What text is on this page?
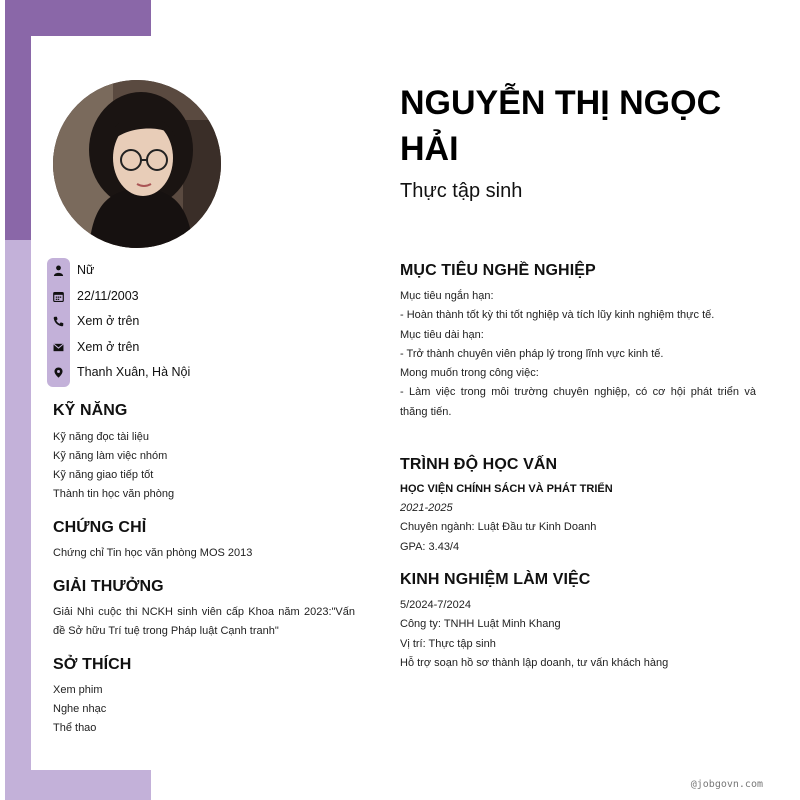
Nữ
22/11/2003
Xem ở trên
Xem ở trên
Thanh Xuân, Hà Nội
KỸ NĂNG
Kỹ năng đọc tài liệu
Kỹ năng làm việc nhóm
Kỹ năng giao tiếp tốt
Thành tin học văn phòng
CHỨNG CHỈ
Chứng chỉ Tin học văn phòng MOS 2013
GIẢI THƯỞNG
Giải Nhì cuộc thi NCKH sinh viên cấp Khoa năm 2023:"Vấn đề Sở hữu Trí tuệ trong Pháp luật Cạnh tranh"
SỞ THÍCH
Xem phim
Nghe nhạc
Thể thao
NGUYỄN THỊ NGỌC HẢI
Thực tập sinh
MỤC TIÊU NGHỀ NGHIỆP
Mục tiêu ngắn hạn:
- Hoàn thành tốt kỳ thi tốt nghiệp và tích lũy kinh nghiệm thực tế.
Mục tiêu dài hạn:
- Trở thành chuyên viên pháp lý trong lĩnh vực kinh tế.
Mong muốn trong công việc:
- Làm việc trong môi trường chuyên nghiệp, có cơ hội phát triển và thăng tiến.
TRÌNH ĐỘ HỌC VẤN
HỌC VIỆN CHÍNH SÁCH VÀ PHÁT TRIỂN
2021-2025
Chuyên ngành: Luật Đầu tư Kinh Doanh
GPA: 3.43/4
KINH NGHIỆM LÀM VIỆC
5/2024-7/2024
Công ty: TNHH Luật Minh Khang
Vị trí: Thực tập sinh
Hỗ trợ soạn hồ sơ thành lập doanh, tư vấn khách hàng
@jobgovn.com
